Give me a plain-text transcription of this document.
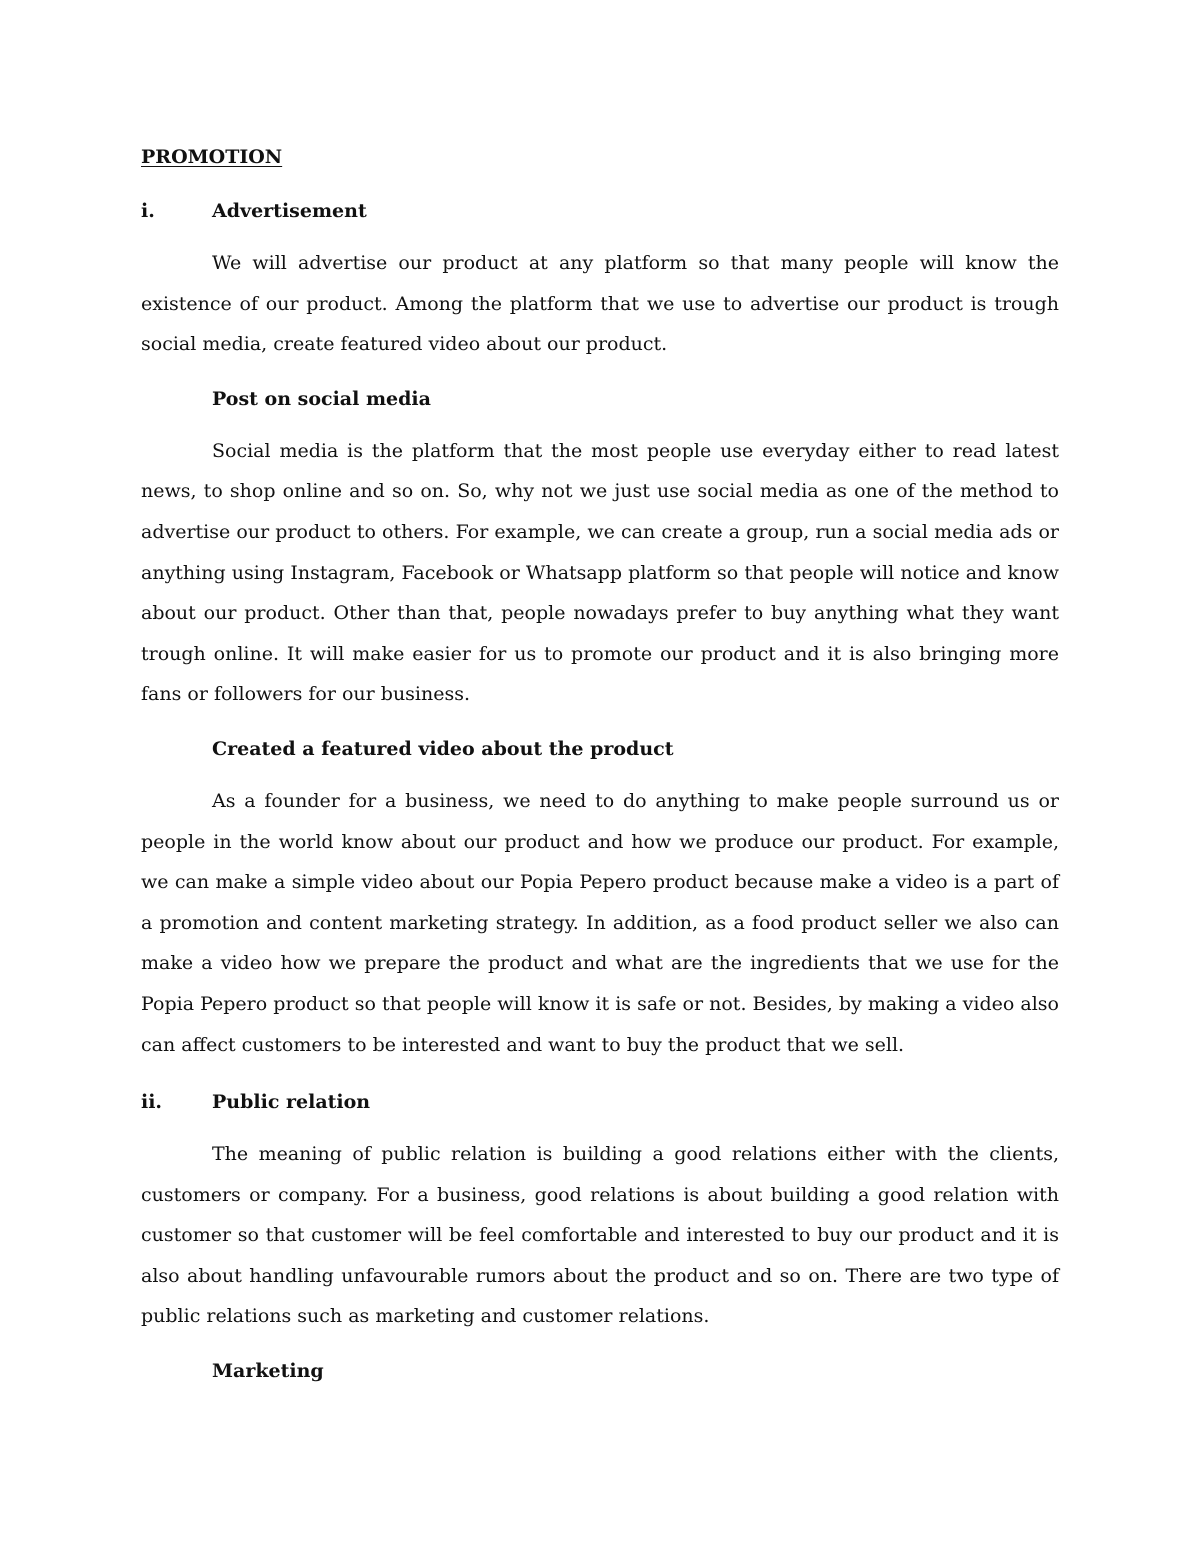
PROMOTION
i.	Advertisement

We will advertise our product at any platform so that many people will know the existence of our product. Among the platform that we use to advertise our product is trough social media, create featured video about our product.

Post on social media

Social media is the platform that the most people use everyday either to read latest news, to shop online and so on. So, why not we just use social media as one of the method to advertise our product to others. For example, we can create a group, run a social media ads or anything using Instagram, Facebook or Whatsapp platform so that people will notice and know about our product. Other than that, people nowadays prefer to buy anything what they want trough online. It will make easier for us to promote our product and it is also bringing more fans or followers for our business.

Created a featured video about the product

As a founder for a business, we need to do anything to make people surround us or people in the world know about our product and how we produce our product. For example, we can make a simple video about our Popia Pepero product because make a video is a part of a promotion and content marketing strategy. In addition, as a food product seller we also can make a video how we prepare the product and what are the ingredients that we use for the Popia Pepero product so that people will know it is safe or not. Besides, by making a video also can affect customers to be interested and want to buy the product that we sell.

ii.	Public relation

The meaning of public relation is building a good relations either with the clients, customers or company. For a business, good relations is about building a good relation with customer so that customer will be feel comfortable and interested to buy our product and it is also about handling unfavourable rumors about the product and so on. There are two type of public relations such as marketing and customer relations.

Marketing
